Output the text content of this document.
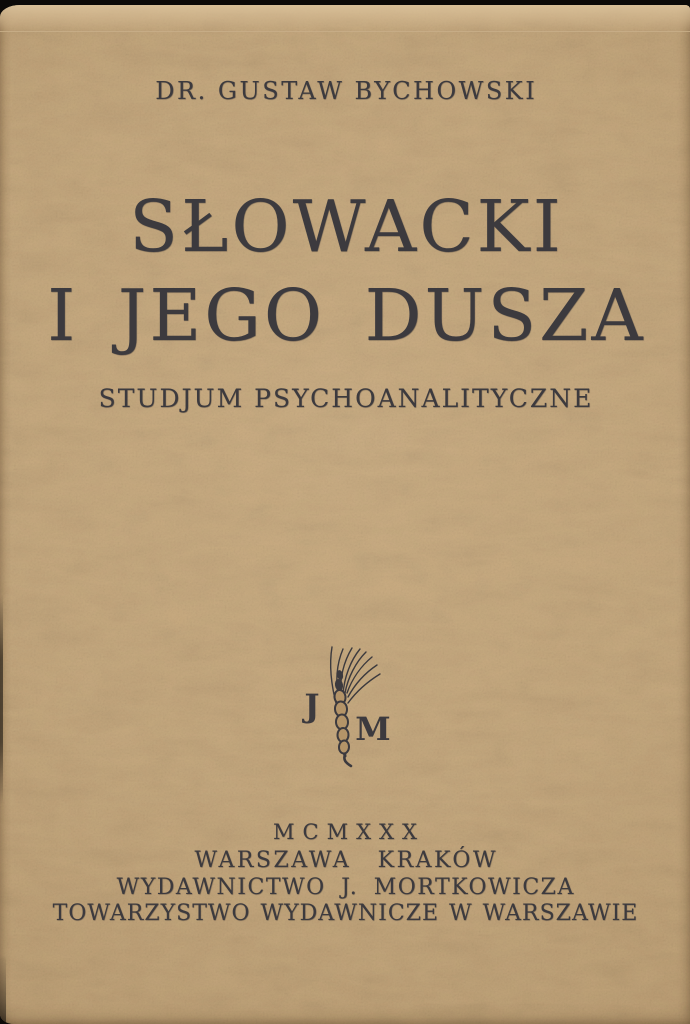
DR. GUSTAW BYCHOWSKI
SŁOWACKI
I JEGO DUSZA
STUDJUM PSYCHOANALITYCZNE
J
M
MCMXXX
WARSZAWA KRAKÓW
WYDAWNICTWO J. MORTKOWICZA
TOWARZYSTWO WYDAWNICZE W WARSZAWIE
